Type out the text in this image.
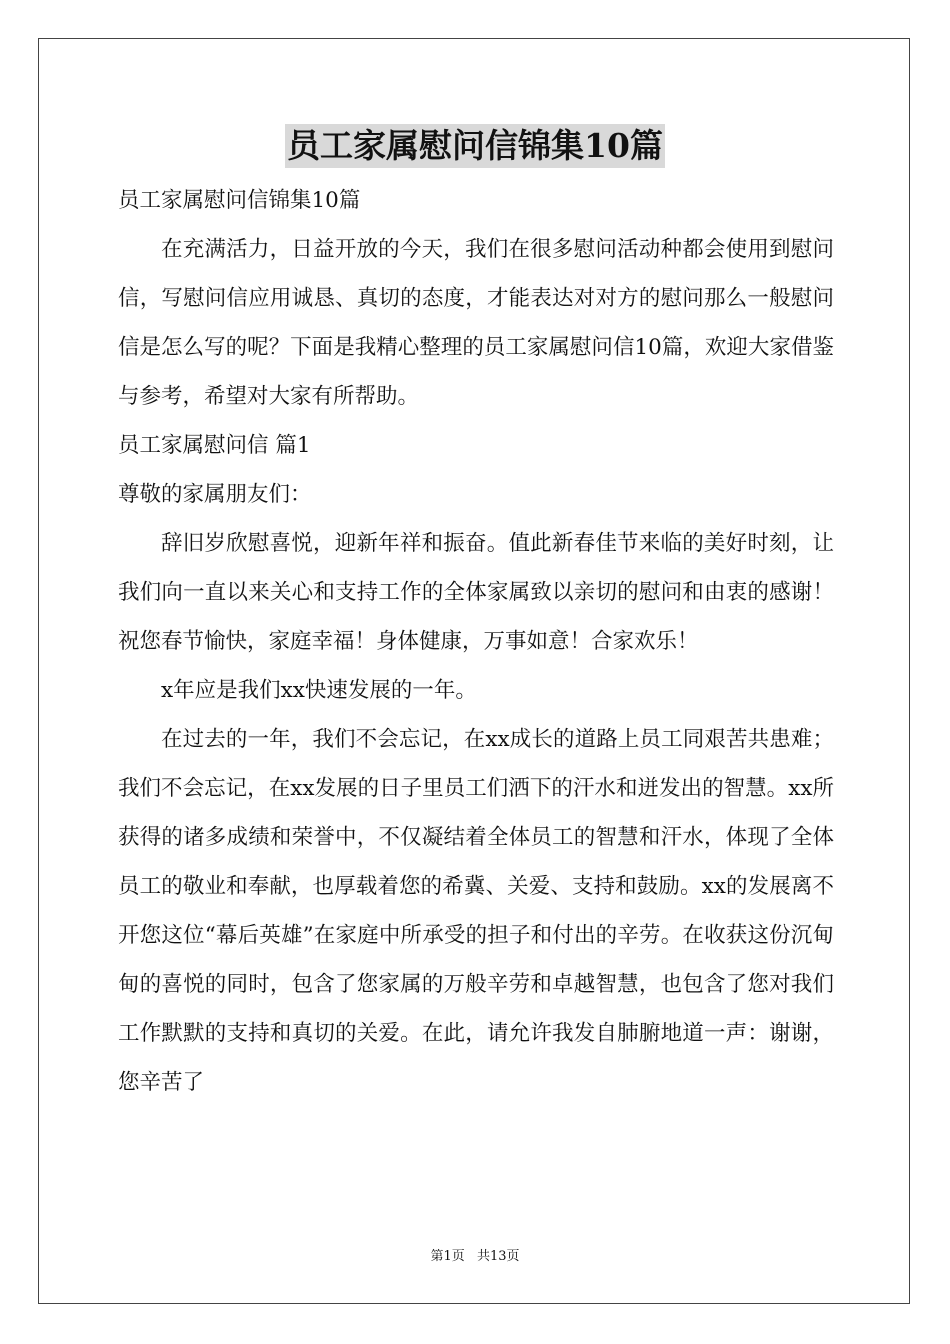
员工家属慰问信锦集10篇

员工家属慰问信锦集10篇

在充满活力，日益开放的今天，我们在很多慰问活动种都会使用到慰问信，写慰问信应用诚恳、真切的态度，才能表达对对方的慰问那么一般慰问信是怎么写的呢？下面是我精心整理的员工家属慰问信10篇，欢迎大家借鉴与参考，希望对大家有所帮助。

员工家属慰问信 篇1

尊敬的家属朋友们：

辞旧岁欣慰喜悦，迎新年祥和振奋。值此新春佳节来临的美好时刻，让我们向一直以来关心和支持工作的全体家属致以亲切的慰问和由衷的感谢！祝您春节愉快，家庭幸福！身体健康，万事如意！合家欢乐！

x年应是我们xx快速发展的一年。

在过去的一年，我们不会忘记，在xx成长的道路上员工同艰苦共患难；我们不会忘记，在xx发展的日子里员工们洒下的汗水和迸发出的智慧。xx所获得的诸多成绩和荣誉中，不仅凝结着全体员工的智慧和汗水，体现了全体员工的敬业和奉献，也厚载着您的希冀、关爱、支持和鼓励。xx的发展离不开您这位“幕后英雄”在家庭中所承受的担子和付出的辛劳。在收获这份沉甸甸的喜悦的同时，包含了您家属的万般辛劳和卓越智慧，也包含了您对我们工作默默的支持和真切的关爱。在此，请允许我发自肺腑地道一声：谢谢，您辛苦了

第1页 共13页
